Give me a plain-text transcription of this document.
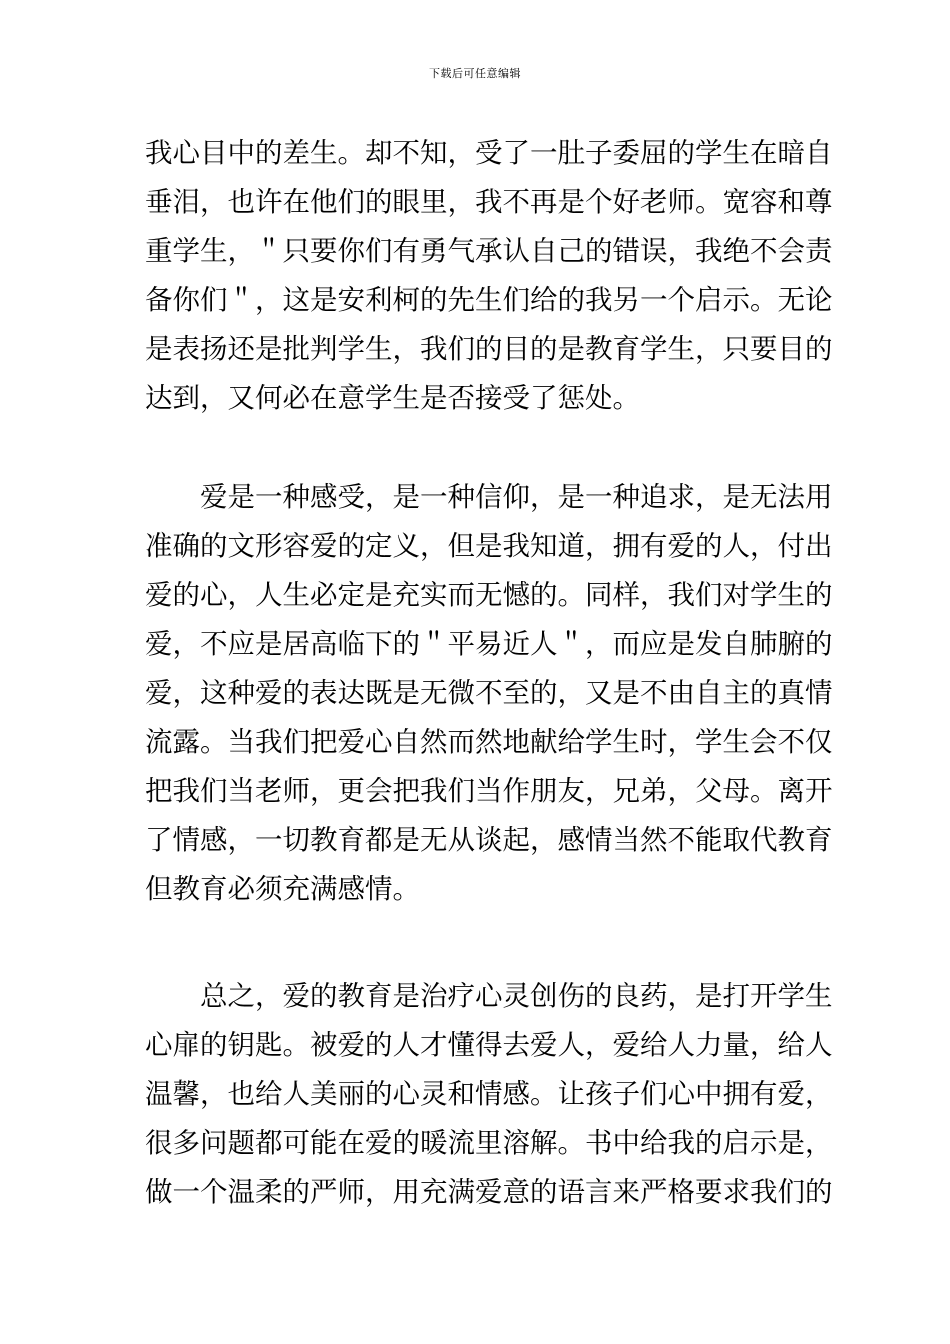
下载后可任意编辑
我心目中的差生。却不知，受了一肚子委屈的学生在暗自
垂泪，也许在他们的眼里，我不再是个好老师。宽容和尊
重学生，＂只要你们有勇气承认自己的错误，我绝不会责
备你们＂，这是安利柯的先生们给的我另一个启示。无论
是表扬还是批判学生，我们的目的是教育学生，只要目的
达到，又何必在意学生是否接受了惩处。
　　爱是一种感受，是一种信仰，是一种追求，是无法用
准确的文形容爱的定义，但是我知道，拥有爱的人，付出
爱的心，人生必定是充实而无憾的。同样，我们对学生的
爱，不应是居高临下的＂平易近人＂，而应是发自肺腑的
爱，这种爱的表达既是无微不至的，又是不由自主的真情
流露。当我们把爱心自然而然地献给学生时，学生会不仅
把我们当老师，更会把我们当作朋友，兄弟，父母。离开
了情感，一切教育都是无从谈起，感情当然不能取代教育
但教育必须充满感情。
　　总之，爱的教育是治疗心灵创伤的良药，是打开学生
心扉的钥匙。被爱的人才懂得去爱人，爱给人力量，给人
温馨，也给人美丽的心灵和情感。让孩子们心中拥有爱，
很多问题都可能在爱的暖流里溶解。书中给我的启示是，
做一个温柔的严师，用充满爱意的语言来严格要求我们的
